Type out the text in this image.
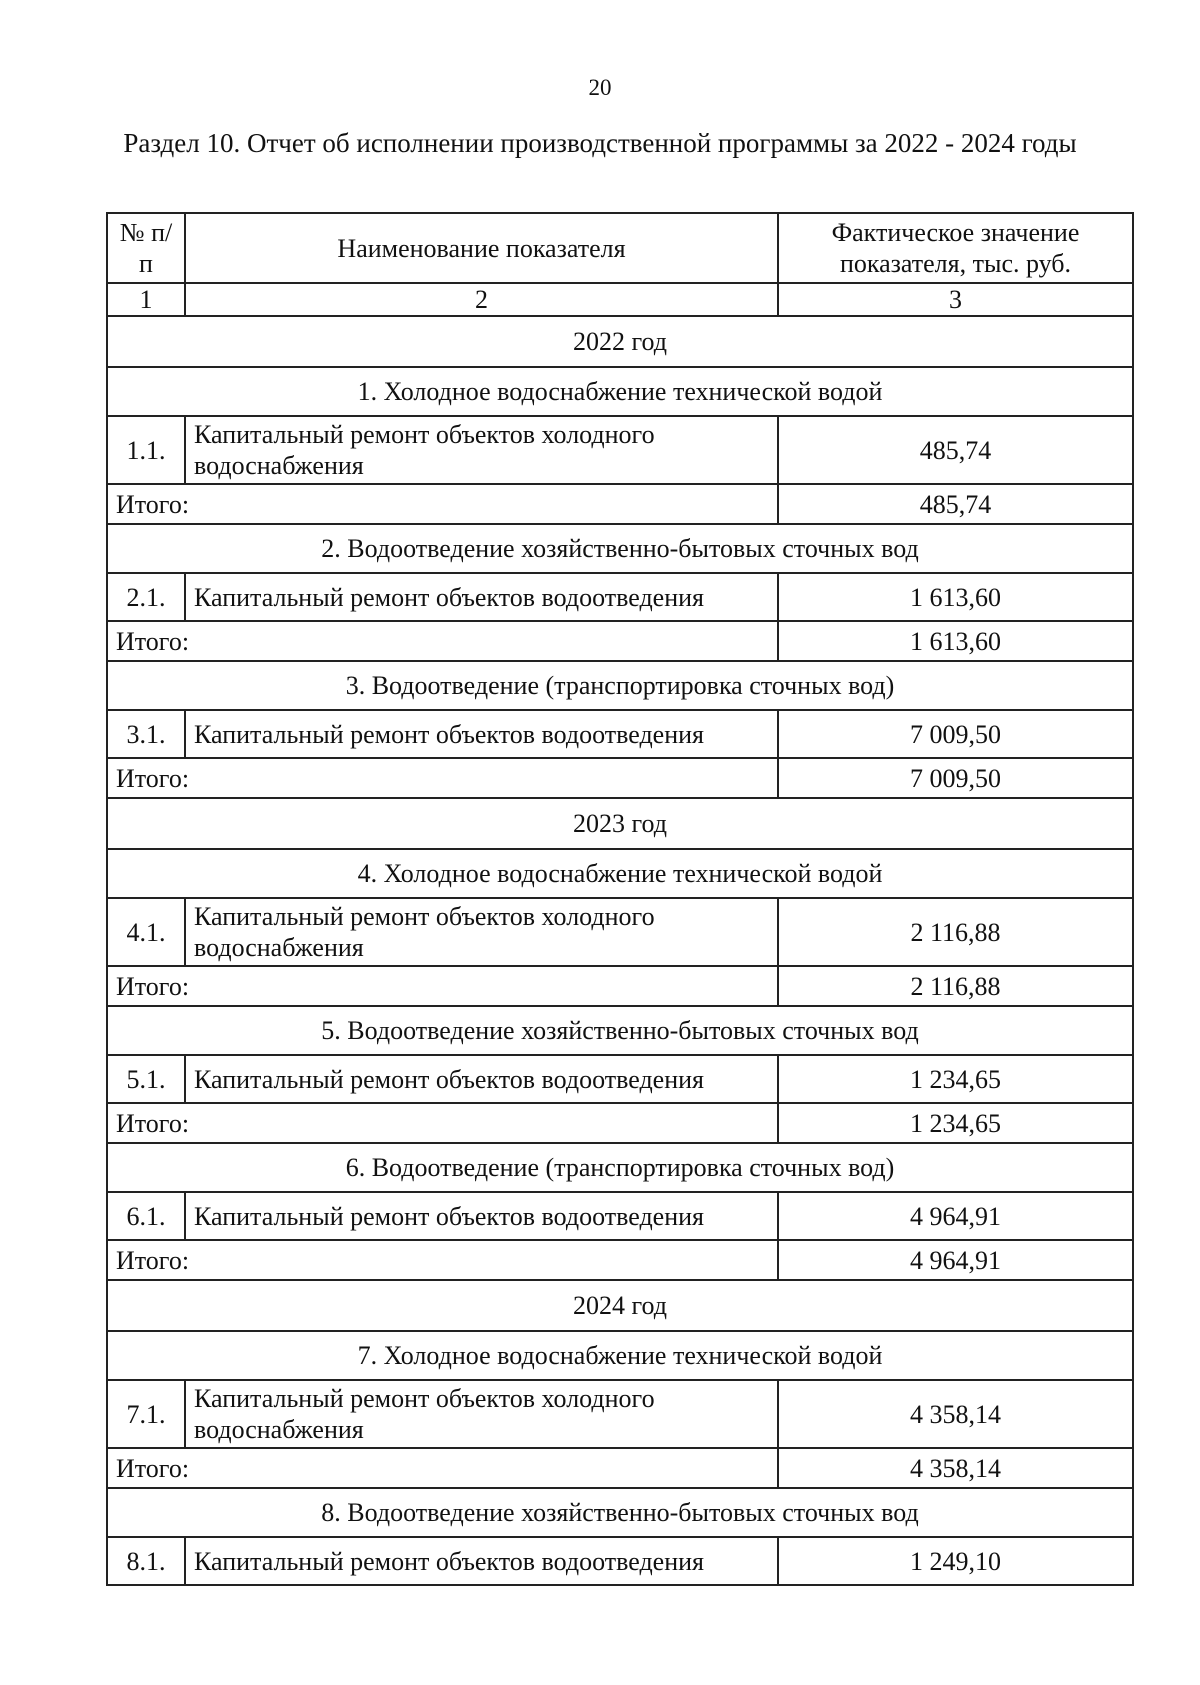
20
Раздел 10. Отчет об исполнении производственной программы за 2022 - 2024 годы
№ п/п	Наименование показателя	Фактическое значение показателя, тыс. руб.
1	2	3
2022 год		
1. Холодное водоснабжение технической водой		
1.1.	Капитальный ремонт объектов холодного водоснабжения	485,74
Итого:		485,74
2. Водоотведение хозяйственно-бытовых сточных вод		
2.1.	Капитальный ремонт объектов водоотведения	1 613,60
Итого:		1 613,60
3. Водоотведение (транспортировка сточных вод)		
3.1.	Капитальный ремонт объектов водоотведения	7 009,50
Итого:		7 009,50
2023 год		
4. Холодное водоснабжение технической водой		
4.1.	Капитальный ремонт объектов холодного водоснабжения	2 116,88
Итого:		2 116,88
5. Водоотведение хозяйственно-бытовых сточных вод		
5.1.	Капитальный ремонт объектов водоотведения	1 234,65
Итого:		1 234,65
6. Водоотведение (транспортировка сточных вод)		
6.1.	Капитальный ремонт объектов водоотведения	4 964,91
Итого:		4 964,91
2024 год		
7. Холодное водоснабжение технической водой		
7.1.	Капитальный ремонт объектов холодного водоснабжения	4 358,14
Итого:		4 358,14
8. Водоотведение хозяйственно-бытовых сточных вод		
8.1.	Капитальный ремонт объектов водоотведения	1 249,10
